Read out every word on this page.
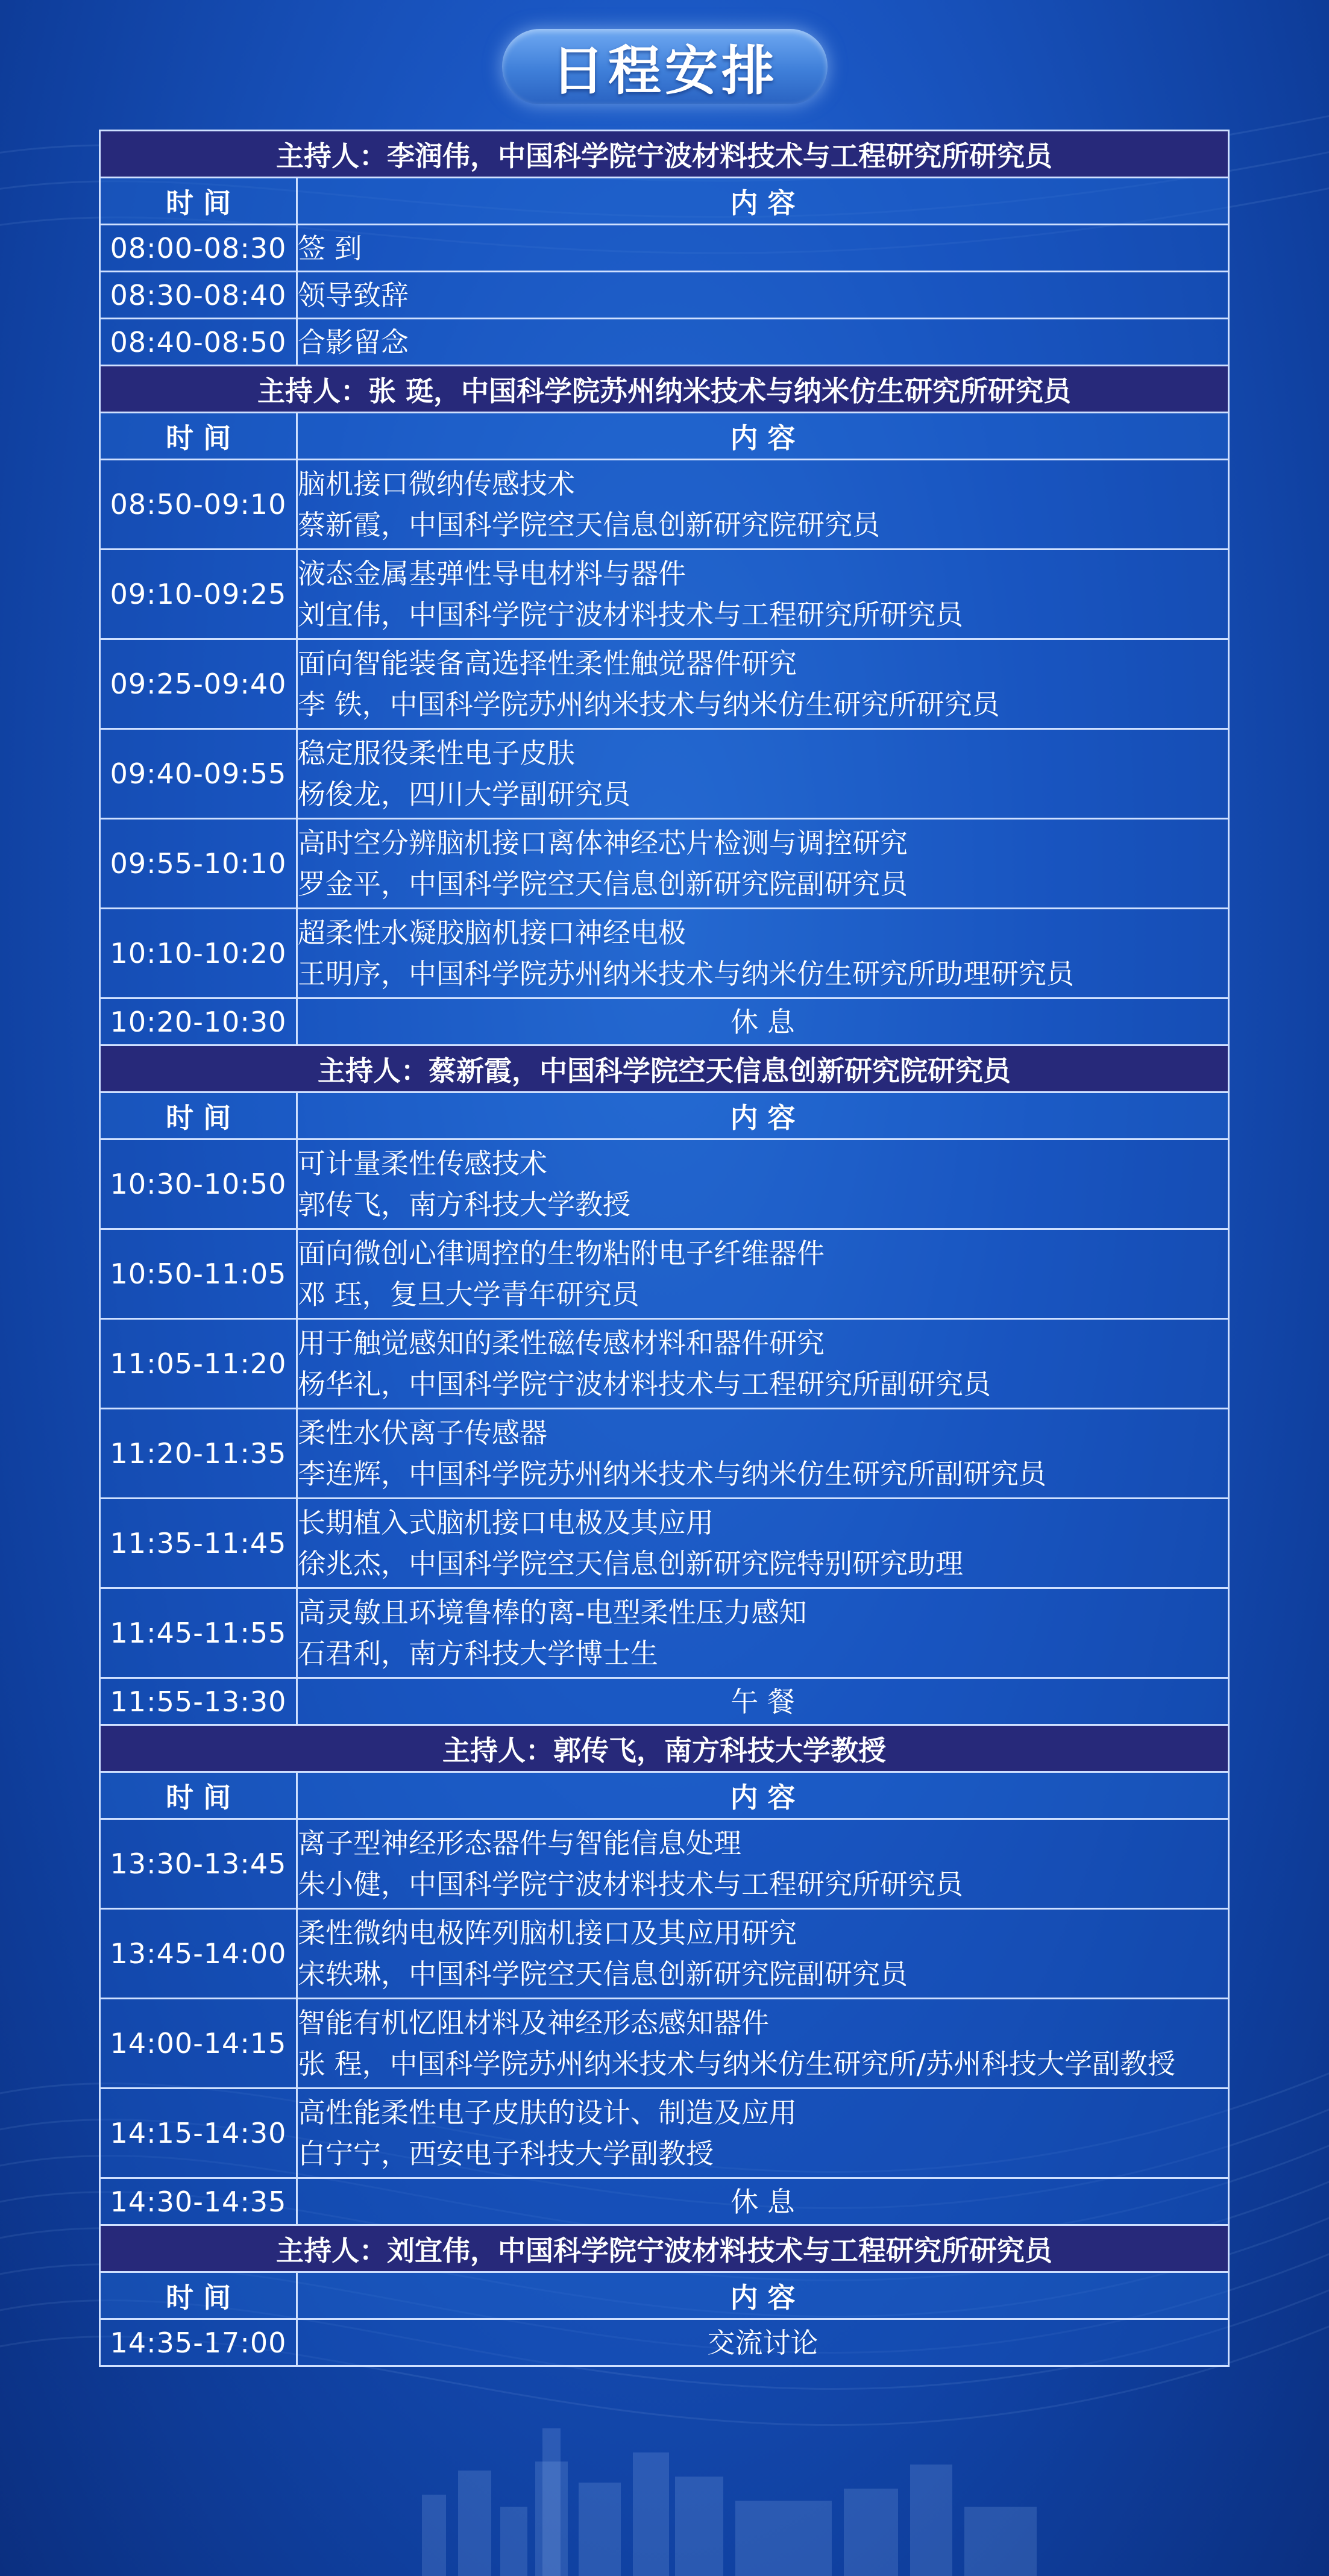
日程安排
主持人：李润伟，中国科学院宁波材料技术与工程研究所研究员	
时 间	内 容
08:00-08:30	签 到

08:30-08:40	领导致辞

08:40-08:50	合影留念

主持人：张 珽，中国科学院苏州纳米技术与纳米仿生研究所研究员	
时 间	内 容
08:50-09:10	脑机接口微纳传感技术
蔡新霞，中国科学院空天信息创新研究院研究员

09:10-09:25	液态金属基弹性导电材料与器件
刘宜伟，中国科学院宁波材料技术与工程研究所研究员

09:25-09:40	面向智能装备高选择性柔性触觉器件研究
李 铁，中国科学院苏州纳米技术与纳米仿生研究所研究员

09:40-09:55	稳定服役柔性电子皮肤
杨俊龙，四川大学副研究员

09:55-10:10	高时空分辨脑机接口离体神经芯片检测与调控研究
罗金平，中国科学院空天信息创新研究院副研究员

10:10-10:20	超柔性水凝胶脑机接口神经电极
王明序，中国科学院苏州纳米技术与纳米仿生研究所助理研究员

10:20-10:30	休 息

主持人：蔡新霞，中国科学院空天信息创新研究院研究员	
时 间	内 容
10:30-10:50	可计量柔性传感技术
郭传飞，南方科技大学教授

10:50-11:05	面向微创心律调控的生物粘附电子纤维器件
邓 珏，复旦大学青年研究员

11:05-11:20	用于触觉感知的柔性磁传感材料和器件研究
杨华礼，中国科学院宁波材料技术与工程研究所副研究员

11:20-11:35	柔性水伏离子传感器
李连辉，中国科学院苏州纳米技术与纳米仿生研究所副研究员

11:35-11:45	长期植入式脑机接口电极及其应用
徐兆杰，中国科学院空天信息创新研究院特别研究助理

11:45-11:55	高灵敏且环境鲁棒的离-电型柔性压力感知
石君利，南方科技大学博士生

11:55-13:30	午 餐

主持人：郭传飞，南方科技大学教授	
时 间	内 容
13:30-13:45	离子型神经形态器件与智能信息处理
朱小健，中国科学院宁波材料技术与工程研究所研究员

13:45-14:00	柔性微纳电极阵列脑机接口及其应用研究
宋轶琳，中国科学院空天信息创新研究院副研究员

14:00-14:15	智能有机忆阻材料及神经形态感知器件
张 程，中国科学院苏州纳米技术与纳米仿生研究所/苏州科技大学副教授

14:15-14:30	高性能柔性电子皮肤的设计、制造及应用
白宁宁，西安电子科技大学副教授

14:30-14:35	休 息

主持人：刘宜伟，中国科学院宁波材料技术与工程研究所研究员	
时 间	内 容
14:35-17:00	交流讨论
